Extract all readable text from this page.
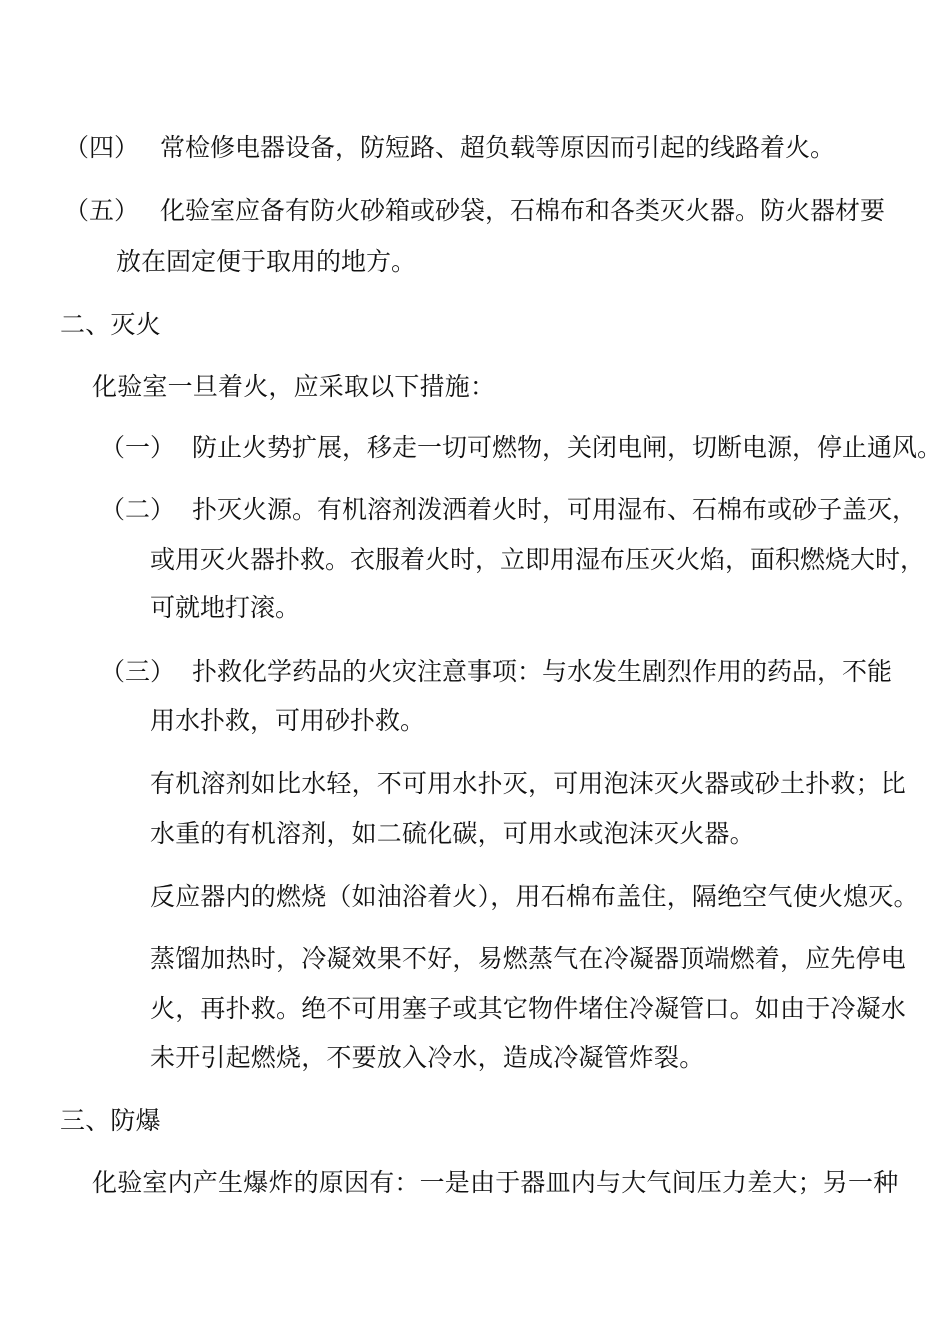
（四） 常检修电器设备，防短路、超负载等原因而引起的线路着火。
（五） 化验室应备有防火砂箱或砂袋，石棉布和各类灭火器。防火器材要
放在固定便于取用的地方。
二、灭火
化验室一旦着火，应采取以下措施：
（一） 防止火势扩展，移走一切可燃物，关闭电闸，切断电源，停止通风。
（二） 扑灭火源。有机溶剂泼洒着火时，可用湿布、石棉布或砂子盖灭，
或用灭火器扑救。衣服着火时，立即用湿布压灭火焰，面积燃烧大时，
可就地打滚。
（三） 扑救化学药品的火灾注意事项：与水发生剧烈作用的药品，不能
用水扑救，可用砂扑救。
有机溶剂如比水轻，不可用水扑灭，可用泡沫灭火器或砂土扑救；比
水重的有机溶剂，如二硫化碳，可用水或泡沫灭火器。
反应器内的燃烧（如油浴着火），用石棉布盖住，隔绝空气使火熄灭。
蒸馏加热时，冷凝效果不好，易燃蒸气在冷凝器顶端燃着，应先停电
火，再扑救。绝不可用塞子或其它物件堵住冷凝管口。如由于冷凝水
未开引起燃烧，不要放入冷水，造成冷凝管炸裂。
三、防爆
化验室内产生爆炸的原因有：一是由于器皿内与大气间压力差大；另一种
